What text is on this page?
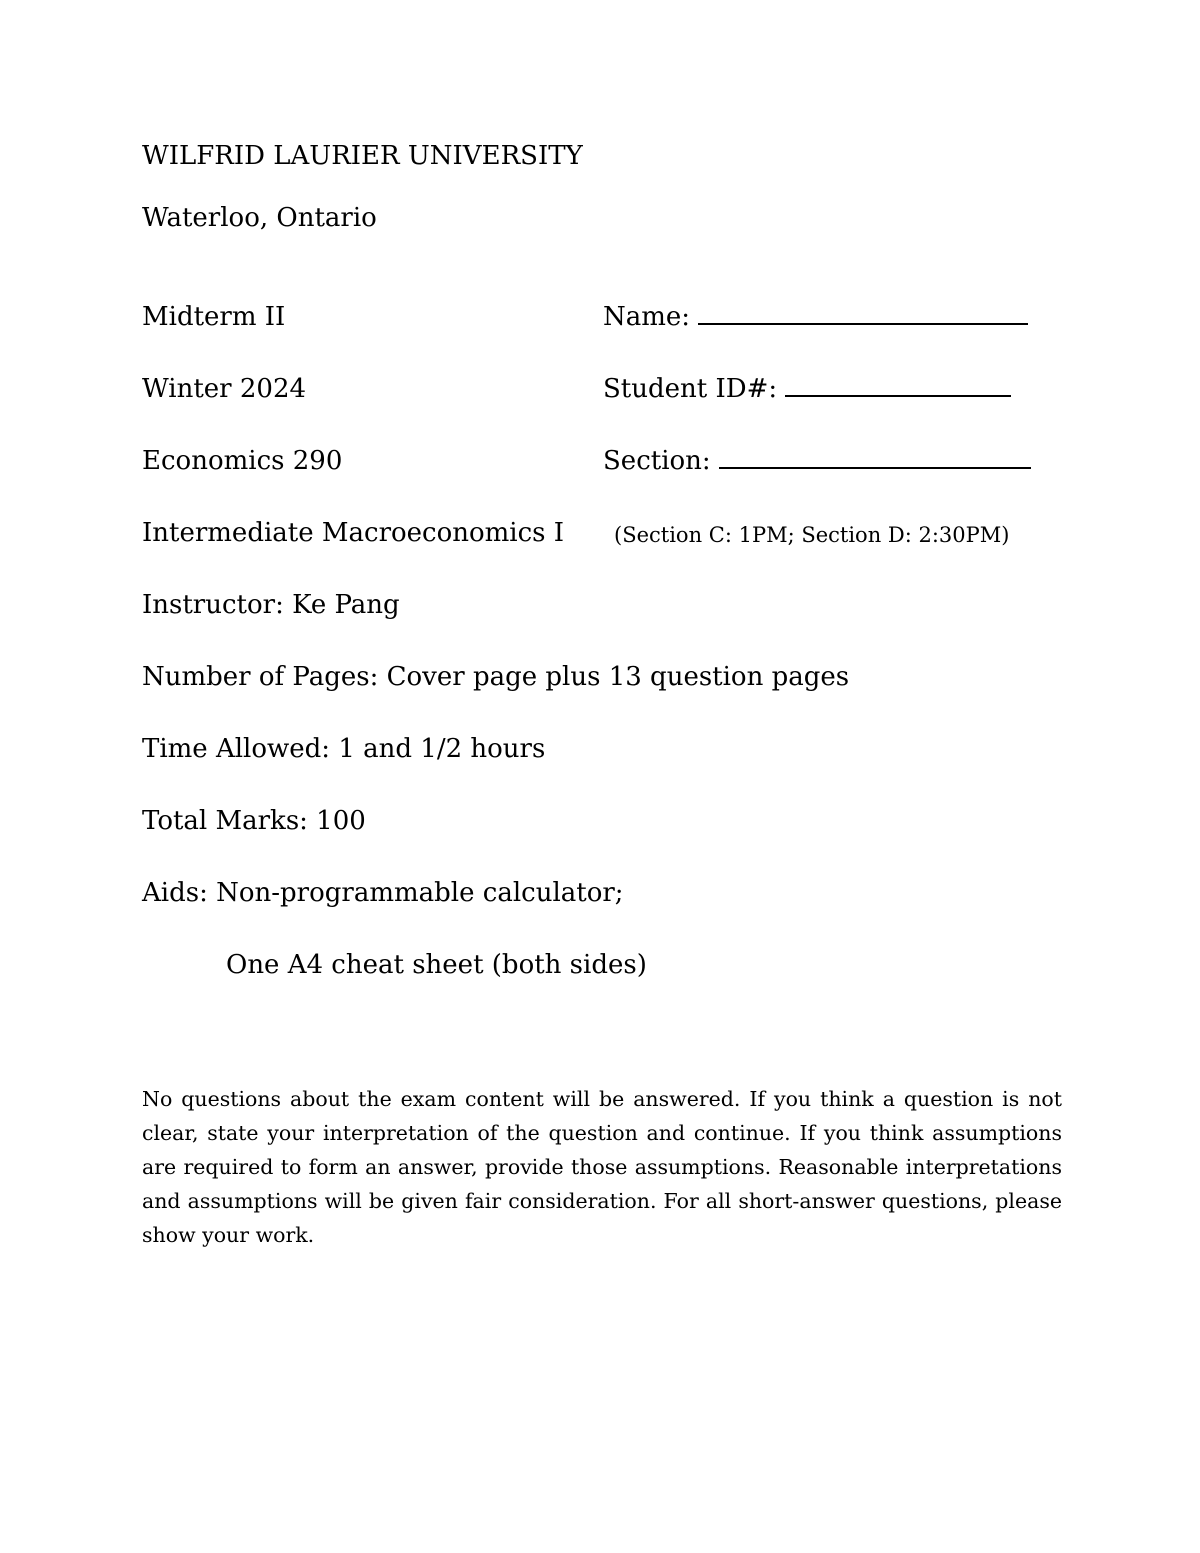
WILFRID LAURIER UNIVERSITY
Waterloo, Ontario
Midterm II	Name:
Winter 2024	Student ID#:
Economics 290	Section:
Intermediate Macroeconomics I (Section C: 1PM; Section D: 2:30PM)
Instructor: Ke Pang
Number of Pages: Cover page plus 13 question pages
Time Allowed: 1 and 1/2 hours
Total Marks: 100
Aids: Non-programmable calculator;
One A4 cheat sheet (both sides)
No questions about the exam content will be answered. If you think a question is not clear, state your interpretation of the question and continue. If you think assumptions are required to form an answer, provide those assumptions. Reasonable interpretations and assumptions will be given fair consideration. For all short-answer questions, please show your work.
